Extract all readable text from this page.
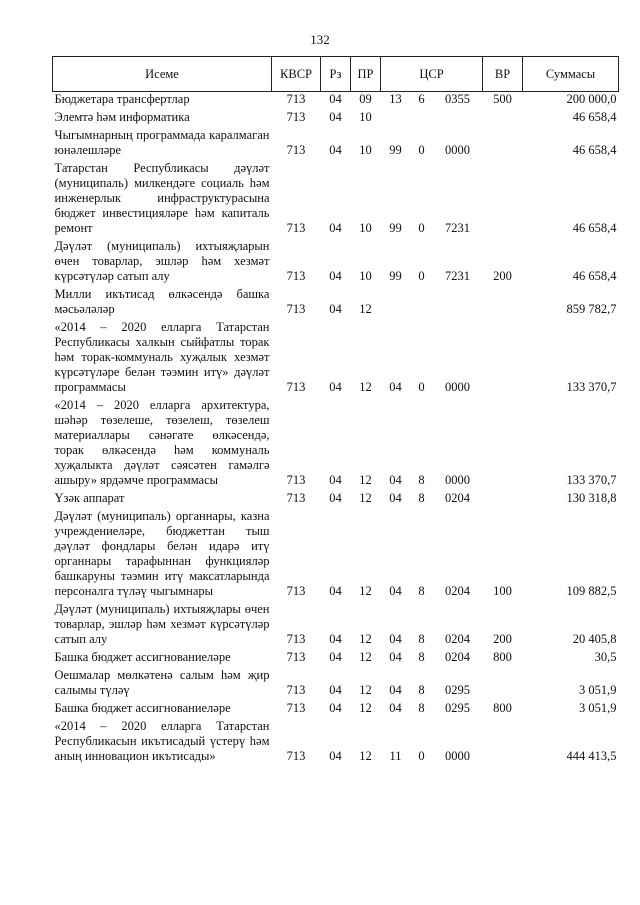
132
Исеме	КВСР	Рз	ПР	ЦСР			ВР	Суммасы
Бюджетара трансфертлар	713	04	09	13	6	0355	500	200 000,0
Элемтә һәм информатика	713	04	10					46 658,4
Чыгымнарның программада каралмаган юнәлешләре	713	04	10	99	0	0000		46 658,4
Татарстан Республикасы дәүләт (муниципаль) милкендәге социаль һәм инженерлык инфраструктурасына бюджет инвестицияләре һәм капиталь ремонт	713	04	10	99	0	7231		46 658,4
Дәүләт (муниципаль) ихтыяҗларын өчен товарлар, эшләр һәм хезмәт күрсәтүләр сатып алу	713	04	10	99	0	7231	200	46 658,4
Милли икътисад өлкәсендә башка мәсьәләләр	713	04	12					859 782,7
«2014 – 2020 елларга Татарстан Республикасы халкын сыйфатлы торак һәм торак-коммуналь хуҗалык хезмәт күрсәтүләре белән тәэмин итү» дәүләт программасы	713	04	12	04	0	0000		133 370,7
«2014 – 2020 елларга архитектура, шәһәр төзелеше, төзелеш, төзелеш материаллары сәнәгате өлкәсендә, торак өлкәсендә һәм коммуналь хуҗалыкта дәүләт сәясәтен гамәлгә ашыру» ярдәмче программасы	713	04	12	04	8	0000		133 370,7
Үзәк аппарат	713	04	12	04	8	0204		130 318,8
Дәүләт (муниципаль) органнары, казна учреждениеләре, бюджеттан тыш дәүләт фондлары белән идарә итү органнары тарафыннан функцияләр башкаруны тәэмин итү максатларында персоналга түләү чыгымнары	713	04	12	04	8	0204	100	109 882,5
Дәүләт (муниципаль) ихтыяҗлары өчен товарлар, эшләр һәм хезмәт күрсәтүләр сатып алу	713	04	12	04	8	0204	200	20 405,8
Башка бюджет ассигнованиеләре	713	04	12	04	8	0204	800	30,5
Оешмалар мөлкәтенә салым һәм җир салымы түләү	713	04	12	04	8	0295		3 051,9
Башка бюджет ассигнованиеләре	713	04	12	04	8	0295	800	3 051,9
«2014 – 2020 елларга Татарстан Республикасын икътисадый үстерү һәм аның инновацион икътисады»	713	04	12	11	0	0000		444 413,5
